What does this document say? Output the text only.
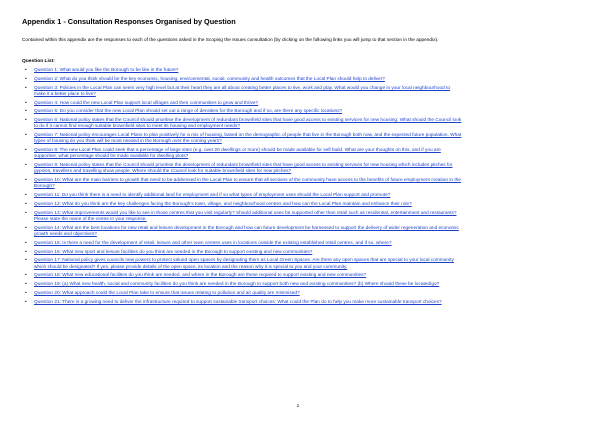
Appendix 1 - Consultation Responses Organised by Question
Contained within this appendix are the responses to each of the questions asked in the Scoping the Issues consultation (by clicking on the following links you will jump to that section in the appendix).
Question List:
• Question 1: What would you like the Borough to be like in the future?
• Question 2: What do you think should be the key economic, housing, environmental, social, community and health outcomes that the Local Plan should help to deliver?
• Question 3: Policies in the Local Plan can seem very high level but at their heart they are all about creating better places to live, work and play. What would you change in your local neighbourhood to
make it a better place to live?
• Question 4: How could the new Local Plan support local villages and their communities to grow and thrive?
• Question 5: Do you consider that the new Local Plan should set out a range of densities for the Borough and if so, are there any specific locations?
• Question 6: National policy states that the Council should prioritise the development of redundant brownfield sites that have good access to existing services for new housing. What should the Council look
to do if it cannot find enough suitable brownfield sites to meet its housing and employment needs?
• Question 7: National policy encourages Local Plans to plan positively for a mix of housing, based on the demographic of people that live in the Borough both now, and the expected future population. What
types of housing do you think will be most needed in the Borough over the coming years?
• Question 8: The new Local Plan could seek that a percentage of large sites (e.g. over 20 dwellings or more) should be made available for self build. What are your thoughts on this, and if you are
supportive, what percentage should be made available for dwelling plots?
• Question 9: National policy states that the Council should prioritise the development of redundant brownfield sites that have good access to existing services for new housing which includes pitches for
gypsies, travellers and travelling show people. Where should the Council look for suitable brownfield sites for new pitches?
• Question 10: What are the main barriers to growth that need to be addressed in the Local Plan to ensure that all sections of the community have access to the benefits of future employment creation in the
Borough?
• Question 11: Do you think there is a need to identify additional land for employment and if so what types of employment uses should the Local Plan support and promote?
• Question 12: What do you think are the key challenges facing the Borough's town, village, and neighbourhood centres and how can the Local Plan maintain and enhance their role?
• Question 13: What improvements would you like to see in those centres that you visit regularly? Should additional uses be supported other than retail such as residential, entertainment and restaurants?
Please state the name of the centre in your response.
• Question 14: What are the best locations for new retail and leisure development in the Borough and how can future development be harnessed to support the delivery of wider regeneration and economic
growth needs and objectives?
• Question 15: Is there a need for the development of retail, leisure and other town centres uses in locations outside the existing established retail centres, and if so, where?
• Question 16: What new sport and leisure facilities do you think are needed in the Borough to support existing and new communities?
• Question 17: National policy gives councils new powers to protect valued open spaces by designating them as Local Green Spaces. Are there any open spaces that are special to your local community
which should be designated? If yes, please provide details of the open space, its location and the reason why it is special to you and your community.
• Question 18: What new educational facilities do you think are needed, and where in the Borough are these required to support existing and new communities?
• Question 19: (a) What new health, social and community facilities do you think are needed in the Borough to support both new and existing communities? (b) Where should these be located/go?
• Question 20: What approach could the Local Plan take to ensure that issues relating to pollution and air quality are minimised?
• Question 21: There is a growing need to deliver the infrastructure required to support sustainable transport choices: What could the Plan do to help you make more sustainable transport choices?
1
